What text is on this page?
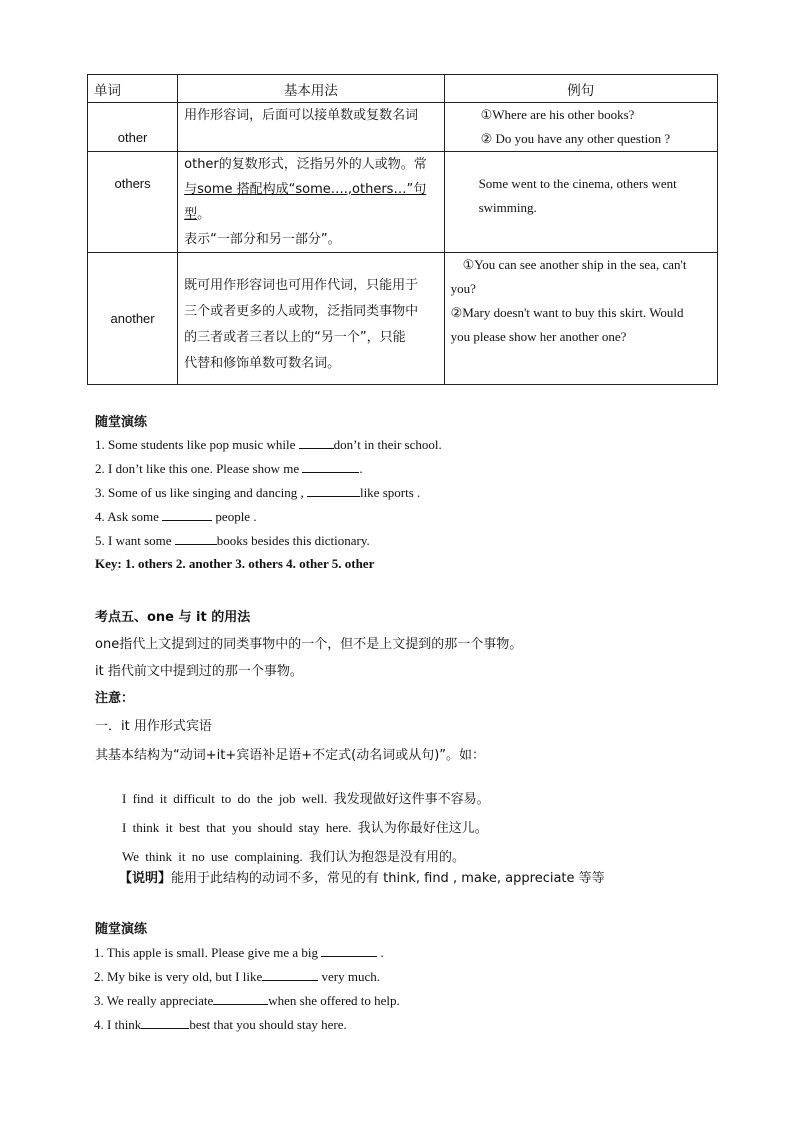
单词	基本用法	例句
other	用作形容词，后面可以接单数或复数名词	①Where are his other books?
② Do you have any other question ?

others	other的复数形式，泛指另外的人或物。常
与some 搭配构成“some….,others…”句型。
表示“一部分和另一部分”。	Some went to the cinema, others went
swimming.

another	既可用作形容词也可用作代词，只能用于
三个或者更多的人或物，泛指同类事物中
的三者或者三者以上的“另一个”，只能
代替和修饰单数可数名词。	①You can see another ship in the sea, can't
you?
②Mary doesn't want to buy this skirt. Would
you please show her another one?
随堂演练
1. Some students like pop music while	don’t in their school.
2. I don’t like this one. Please show me	.
3. Some of us like singing and dancing ,	like sports .
4. Ask some	people .
5. I want some	books besides this dictionary.
Key: 1. others 2. another 3. others 4. other 5. other
考点五、one 与 it 的用法
one指代上文提到过的同类事物中的一个，但不是上文提到的那一个事物。
it 指代前文中提到过的那一个事物。
注意：
一．it 用作形式宾语
其基本结构为“动词+it+宾语补足语+不定式(动名词或从句)”。如：
I find it difficult to do the job well. 我发现做好这件事不容易。
I think it best that you should stay here. 我认为你最好住这儿。
We think it no use complaining. 我们认为抱怨是没有用的。
【说明】能用于此结构的动词不多，常见的有 think, find , make, appreciate 等等
随堂演练
1. This apple is small. Please give me a big	.
2. My bike is very old, but I like	very much.
3. We really appreciate	when she offered to help.
4. I think	best that you should stay here.
